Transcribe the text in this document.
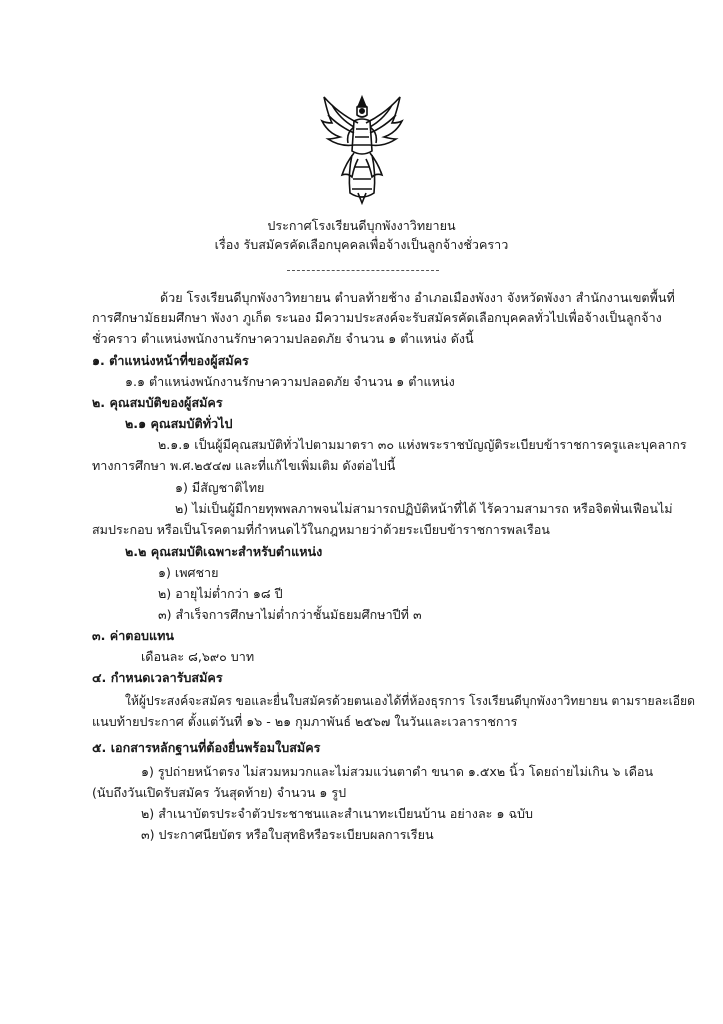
ประกาศโรงเรียนดีบุกพังงาวิทยายน
เรื่อง รับสมัครคัดเลือกบุคคลเพื่อจ้างเป็นลูกจ้างชั่วคราว
ด้วย โรงเรียนดีบุกพังงาวิทยายน ตำบลท้ายช้าง อำเภอเมืองพังงา จังหวัดพังงา สำนักงานเขตพื้นที่
การศึกษามัธยมศึกษา พังงา ภูเก็ต ระนอง มีความประสงค์จะรับสมัครคัดเลือกบุคคลทั่วไปเพื่อจ้างเป็นลูกจ้าง
ชั่วคราว ตำแหน่งพนักงานรักษาความปลอดภัย จำนวน ๑ ตำแหน่ง ดังนี้
๑. ตำแหน่งหน้าที่ของผู้สมัคร
๑.๑ ตำแหน่งพนักงานรักษาความปลอดภัย จำนวน ๑ ตำแหน่ง
๒. คุณสมบัติของผู้สมัคร
๒.๑ คุณสมบัติทั่วไป
๒.๑.๑ เป็นผู้มีคุณสมบัติทั่วไปตามมาตรา ๓๐ แห่งพระราชบัญญัติระเบียบข้าราชการครูและบุคลากร
ทางการศึกษา พ.ศ.๒๕๔๗ และที่แก้ไขเพิ่มเติม ดังต่อไปนี้
๑) มีสัญชาติไทย
๒) ไม่เป็นผู้มีกายทุพพลภาพจนไม่สามารถปฏิบัติหน้าที่ได้ ไร้ความสามารถ หรือจิตฟั่นเฟือนไม่
สมประกอบ หรือเป็นโรคตามที่กำหนดไว้ในกฎหมายว่าด้วยระเบียบข้าราชการพลเรือน
๒.๒ คุณสมบัติเฉพาะสำหรับตำแหน่ง
๑) เพศชาย
๒) อายุไม่ต่ำกว่า ๑๘ ปี
๓) สำเร็จการศึกษาไม่ต่ำกว่าชั้นมัธยมศึกษาปีที่ ๓
๓. ค่าตอบแทน
เดือนละ ๘,๖๙๐ บาท
๔. กำหนดเวลารับสมัคร
ให้ผู้ประสงค์จะสมัคร ขอและยื่นใบสมัครด้วยตนเองได้ที่ห้องธุรการ โรงเรียนดีบุกพังงาวิทยายน ตามรายละเอียด
แนบท้ายประกาศ ตั้งแต่วันที่ ๑๖ - ๒๑ กุมภาพันธ์ ๒๕๖๗ ในวันและเวลาราชการ
๕. เอกสารหลักฐานที่ต้องยื่นพร้อมใบสมัคร
๑) รูปถ่ายหน้าตรง ไม่สวมหมวกและไม่สวมแว่นตาดำ ขนาด ๑.๕x๒ นิ้ว โดยถ่ายไม่เกิน ๖ เดือน
(นับถึงวันเปิดรับสมัคร วันสุดท้าย) จำนวน ๑ รูป
๒) สำเนาบัตรประจำตัวประชาชนและสำเนาทะเบียนบ้าน อย่างละ ๑ ฉบับ
๓) ประกาศนียบัตร หรือใบสุทธิหรือระเบียบผลการเรียน
